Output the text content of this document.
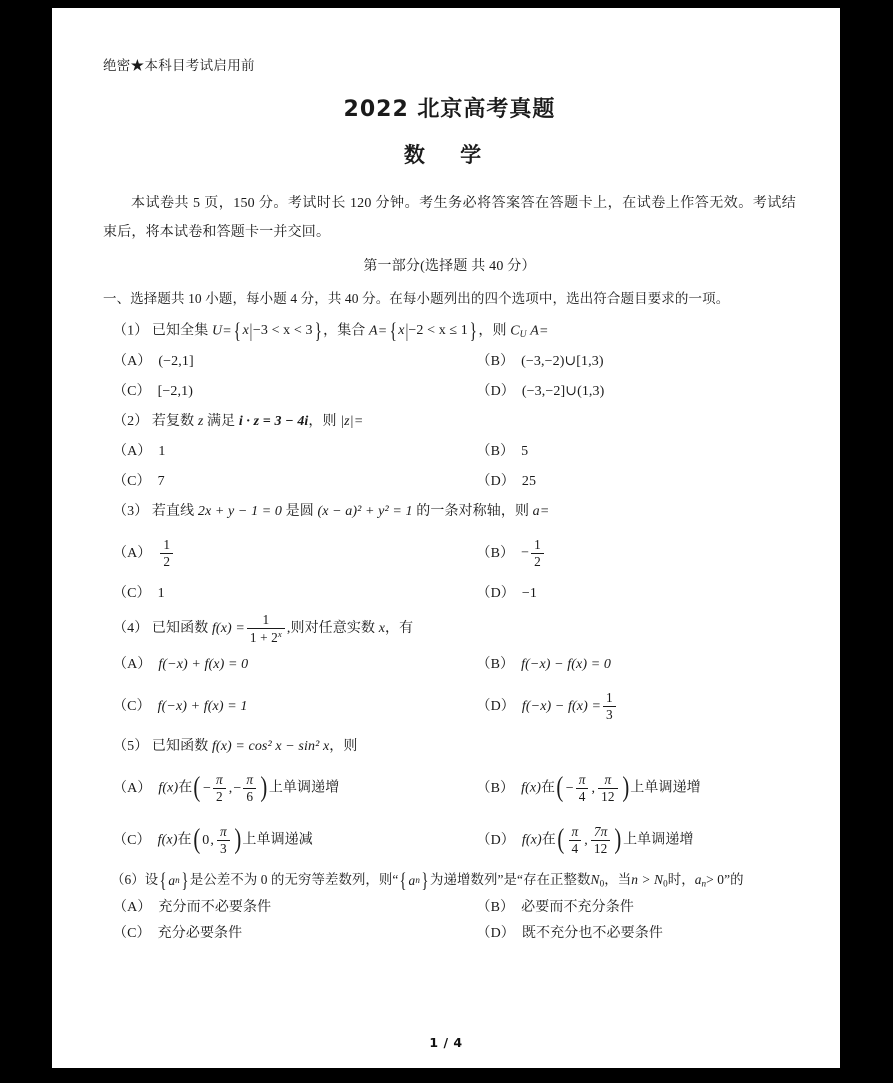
绝密★本科目考试启用前
2022 北京高考真题
数 学

本试卷共 5 页，150 分。考试时长 120 分钟。考生务必将答案答在答题卡上，在试卷上作答无效。考试结束后，将本试卷和答题卡一并交回。

第一部分(选择题 共 40 分）

一、选择题共 10 小题，每小题 4 分，共 40 分。在每小题列出的四个选项中，选出符合题目要求的一项。

（1） 已知全集 U= { x | −3 < x < 3 } ，集合 A= { x | −2 < x ≤ 1 } ，则 $C_U$ A=

（A） (−2,1]	（B） (−3,−2)∪[1,3)
（C） [−2,1)	（D） (−3,−2]∪(1,3)

（2） 若复数 z 满足 i · z = 3 − 4i，则 |z|=

（A） 1	（B） 5
（C） 7	（D） 25

（3） 若直线 2x + y − 1 = 0 是圆 (x − a)² + y² = 1 的一条对称轴，则 a=

$(A) \frac{1}{2}$	$(B) - \frac{1}{2}$
（C） 1	（D） −1

（4） 已知函数 $f(x) = \frac{1}{1 + 2^x}$ ,则对任意实数 x，有

（A） f(−x) + f(x) = 0	（B） f(−x) − f(x) = 0
（C） f(−x) + f(x) = 1	（D） $f(-x) - f(x) = \frac{1}{3}$

（5） 已知函数 f(x) = cos² x − sin² x，则

（A） f(x)在 ( − $\frac{\pi}{2}$ , − $\frac{\pi}{6}$ ) 上单调递增	（B） f(x)在 ( − $\frac{\pi}{4}$ , $\frac{\pi}{12}$ ) 上单调递增
（C） f(x)在 ( 0 , $\frac{\pi}{3}$ ) 上单调递减	（D） f(x)在 ( $\frac{\pi}{4}$ , $\frac{7\pi}{12}$ ) 上单调递增

（6）设 { a n } 是公差不为 0 的无穷等差数列，则“ { a n } 为递增数列”是“存在正整数$N_0$，当$n > N_0$时，$a_n> 0$”的

（A） 充分而不必要条件	（B） 必要而不充分条件
（C） 充分必要条件	（D） 既不充分也不必要条件
1 / 4
